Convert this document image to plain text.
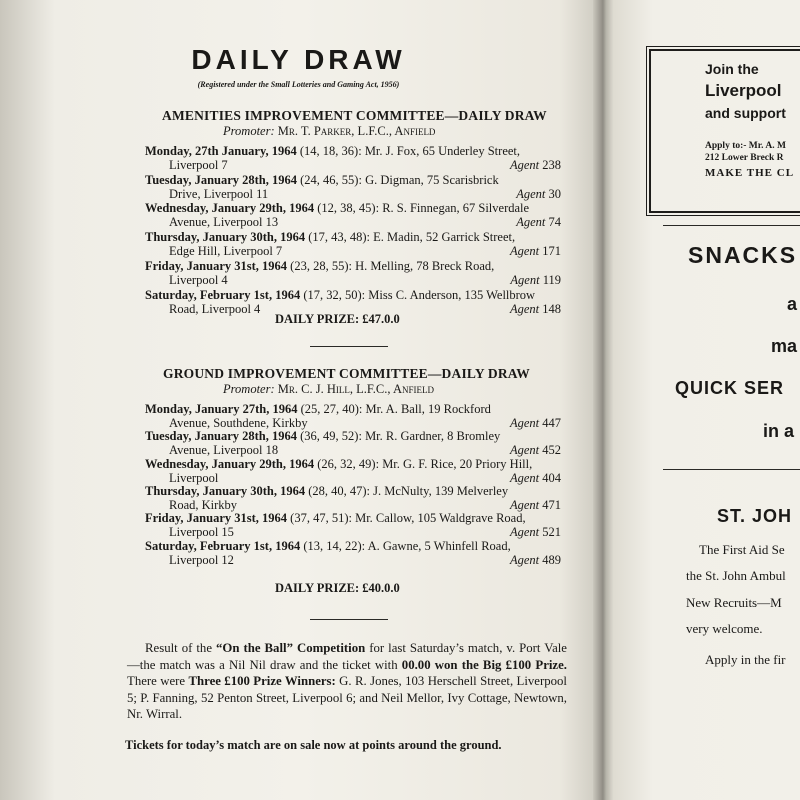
DAILY DRAW
(Registered under the Small Lotteries and Gaming Act, 1956)
AMENITIES IMPROVEMENT COMMITTEE—DAILY DRAW
Promoter: Mr. T. Parker, L.F.C., Anfield
Monday, 27th January, 1964 (14, 18, 36): Mr. J. Fox, 65 Underley Street,
Liverpool 7	Agent 238
Tuesday, January 28th, 1964 (24, 46, 55): G. Digman, 75 Scarisbrick
Drive, Liverpool 11	Agent 30
Wednesday, January 29th, 1964 (12, 38, 45): R. S. Finnegan, 67 Silverdale
Avenue, Liverpool 13	Agent 74
Thursday, January 30th, 1964 (17, 43, 48): E. Madin, 52 Garrick Street,
Edge Hill, Liverpool 7	Agent 171
Friday, January 31st, 1964 (23, 28, 55): H. Melling, 78 Breck Road,
Liverpool 4	Agent 119
Saturday, February 1st, 1964 (17, 32, 50): Miss C. Anderson, 135 Wellbrow
Road, Liverpool 4	Agent 148
DAILY PRIZE: £47.0.0
GROUND IMPROVEMENT COMMITTEE—DAILY DRAW
Promoter: Mr. C. J. Hill, L.F.C., Anfield
Monday, January 27th, 1964 (25, 27, 40): Mr. A. Ball, 19 Rockford
Avenue, Southdene, Kirkby	Agent 447
Tuesday, January 28th, 1964 (36, 49, 52): Mr. R. Gardner, 8 Bromley
Avenue, Liverpool 18	Agent 452
Wednesday, January 29th, 1964 (26, 32, 49): Mr. G. F. Rice, 20 Priory Hill,
Liverpool	Agent 404
Thursday, January 30th, 1964 (28, 40, 47): J. McNulty, 139 Melverley
Road, Kirkby	Agent 471
Friday, January 31st, 1964 (37, 47, 51): Mr. Callow, 105 Waldgrave Road,
Liverpool 15	Agent 521
Saturday, February 1st, 1964 (13, 14, 22): A. Gawne, 5 Whinfell Road,
Liverpool 12	Agent 489
DAILY PRIZE: £40.0.0
Result of the “On the Ball” Competition for last Saturday’s match, v. Port Vale—the match was a Nil Nil draw and the ticket with 00.00 won the Big £100 Prize. There were Three £100 Prize Winners: G. R. Jones, 103 Herschell Street, Liverpool 5; P. Fanning, 52 Penton Street, Liverpool 6; and Neil Mellor, Ivy Cottage, Newtown, Nr. Wirral.
Tickets for today’s match are on sale now at points around the ground.
Join the
Liverpool
and support
Apply to:- Mr. A. M
212 Lower Breck R
MAKE THE CL
SNACKS
a
ma
QUICK SER
in a
ST. JOH
The First Aid Se
the St. John Ambul
New Recruits—M
very welcome.
Apply in the fir
